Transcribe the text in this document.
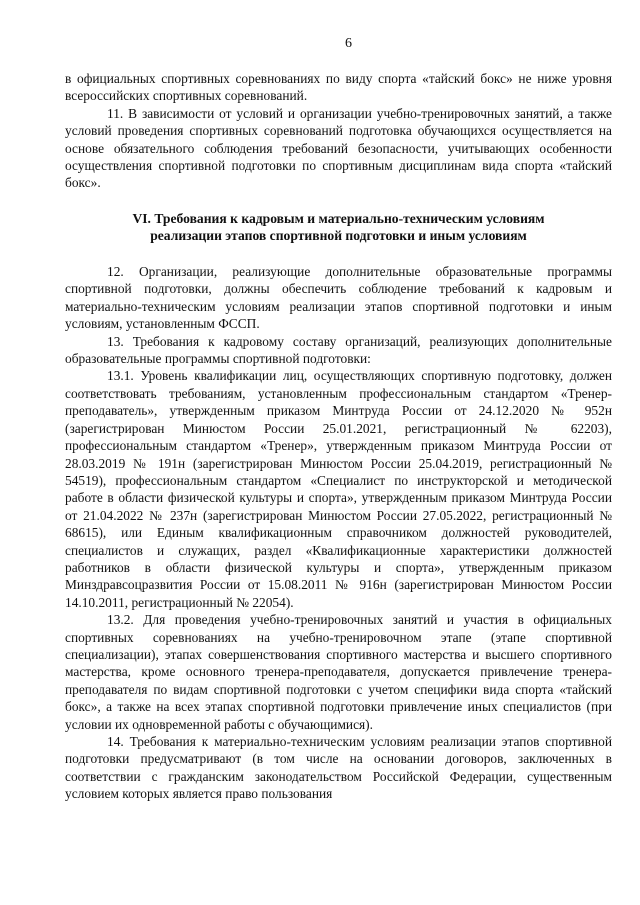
6

в официальных спортивных соревнованиях по виду спорта «тайский бокс» не ниже уровня всероссийских спортивных соревнований.

11. В зависимости от условий и организации учебно-тренировочных занятий, а также условий проведения спортивных соревнований подготовка обучающихся осуществляется на основе обязательного соблюдения требований безопасности, учитывающих особенности осуществления спортивной подготовки по спортивным дисциплинам вида спорта «тайский бокс».

VI. Требования к кадровым и материально-техническим условиям
реализации этапов спортивной подготовки и иным условиям

12. Организации, реализующие дополнительные образовательные программы спортивной подготовки, должны обеспечить соблюдение требований к кадровым и материально-техническим условиям реализации этапов спортивной подготовки и иным условиям, установленным ФССП.

13. Требования к кадровому составу организаций, реализующих дополнительные образовательные программы спортивной подготовки:

13.1. Уровень квалификации лиц, осуществляющих спортивную подготовку, должен соответствовать требованиям, установленным профессиональным стандартом «Тренер-преподаватель», утвержденным приказом Минтруда России от 24.12.2020 № 952н (зарегистрирован Минюстом России 25.01.2021, регистрационный № 62203), профессиональным стандартом «Тренер», утвержденным приказом Минтруда России от 28.03.2019 № 191н (зарегистрирован Минюстом России 25.04.2019, регистрационный № 54519), профессиональным стандартом «Специалист по инструкторской и методической работе в области физической культуры и спорта», утвержденным приказом Минтруда России от 21.04.2022 № 237н (зарегистрирован Минюстом России 27.05.2022, регистрационный № 68615), или Единым квалификационным справочником должностей руководителей, специалистов и служащих, раздел «Квалификационные характеристики должностей работников в области физической культуры и спорта», утвержденным приказом Минздравсоцразвития России от 15.08.2011 № 916н (зарегистрирован Минюстом России 14.10.2011, регистрационный № 22054).

13.2. Для проведения учебно-тренировочных занятий и участия в официальных спортивных соревнованиях на учебно-тренировочном этапе (этапе спортивной специализации), этапах совершенствования спортивного мастерства и высшего спортивного мастерства, кроме основного тренера-преподавателя, допускается привлечение тренера-преподавателя по видам спортивной подготовки с учетом специфики вида спорта «тайский бокс», а также на всех этапах спортивной подготовки привлечение иных специалистов (при условии их одновременной работы с обучающимися).

14. Требования к материально-техническим условиям реализации этапов спортивной подготовки предусматривают (в том числе на основании договоров, заключенных в соответствии с гражданским законодательством Российской Федерации, существенным условием которых является право пользования
